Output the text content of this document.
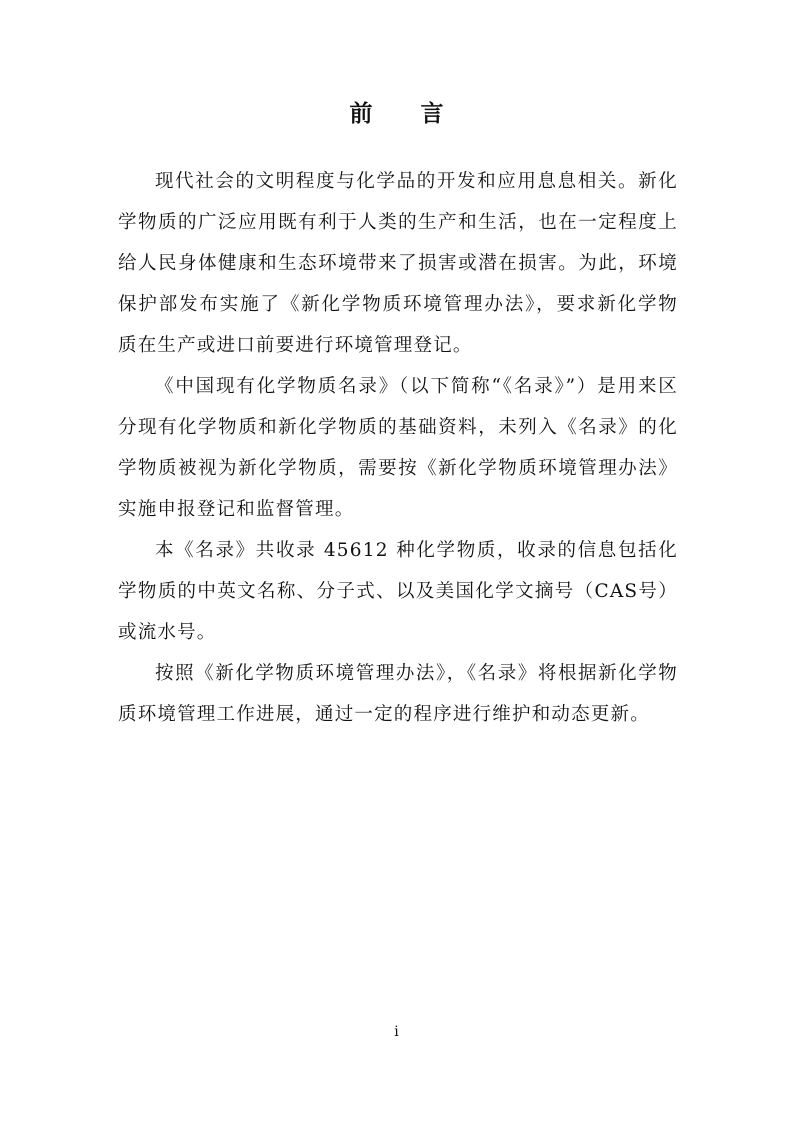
前 言

现代社会的文明程度与化学品的开发和应用息息相关。新化学物质的广泛应用既有利于人类的生产和生活，也在一定程度上给人民身体健康和生态环境带来了损害或潜在损害。为此，环境保护部发布实施了《新化学物质环境管理办法》，要求新化学物质在生产或进口前要进行环境管理登记。

《中国现有化学物质名录》（以下简称“《名录》”）是用来区分现有化学物质和新化学物质的基础资料，未列入《名录》的化学物质被视为新化学物质，需要按《新化学物质环境管理办法》实施申报登记和监督管理。

本《名录》共收录 45612 种化学物质，收录的信息包括化学物质的中英文名称、分子式、以及美国化学文摘号（CAS号）或流水号。

按照《新化学物质环境管理办法》，《名录》将根据新化学物质环境管理工作进展，通过一定的程序进行维护和动态更新。

i
